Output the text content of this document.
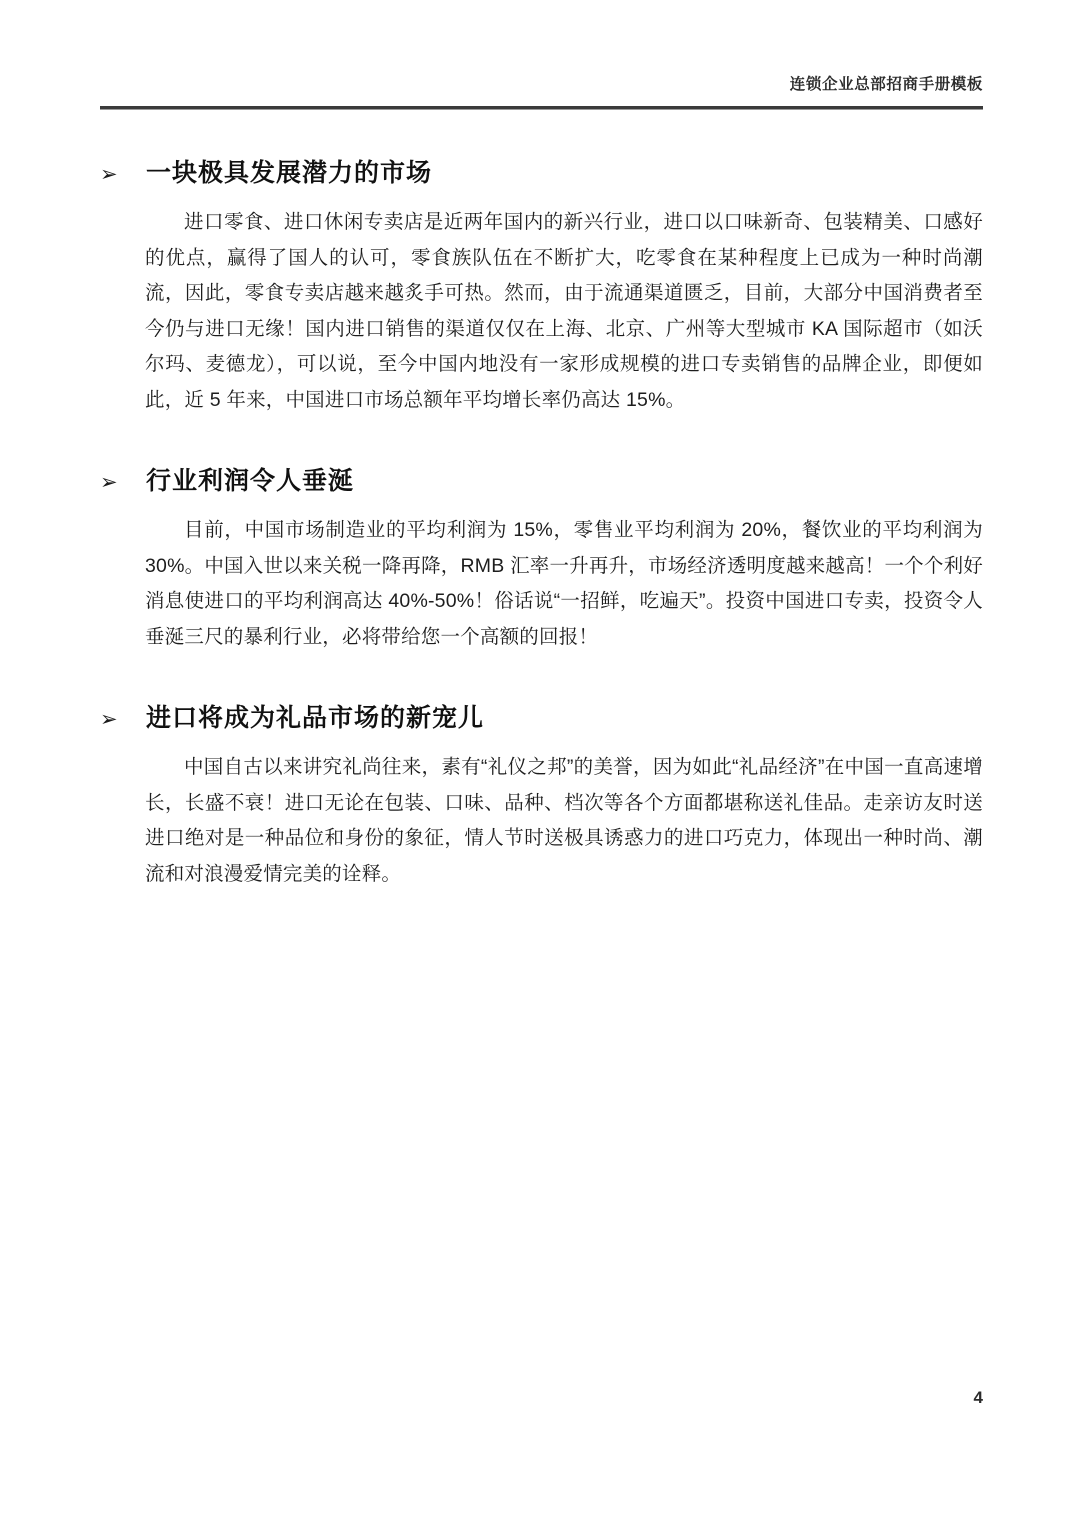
连锁企业总部招商手册模板
➢	一块极具发展潜力的市场

进口零食、进口休闲专卖店是近两年国内的新兴行业，进口以口味新奇、包装精美、口感好的优点，赢得了国人的认可，零食族队伍在不断扩大，吃零食在某种程度上已成为一种时尚潮流，因此，零食专卖店越来越炙手可热。然而，由于流通渠道匮乏，目前，大部分中国消费者至今仍与进口无缘！国内进口销售的渠道仅仅在上海、北京、广州等大型城市 KA 国际超市（如沃尔玛、麦德龙），可以说，至今中国内地没有一家形成规模的进口专卖销售的品牌企业，即便如此，近 5 年来，中国进口市场总额年平均增长率仍高达 15%。

➢	行业利润令人垂涎

目前，中国市场制造业的平均利润为 15%，零售业平均利润为 20%，餐饮业的平均利润为 30%。中国入世以来关税一降再降，RMB 汇率一升再升，市场经济透明度越来越高！一个个利好消息使进口的平均利润高达 40%-50%！俗话说“一招鲜，吃遍天”。投资中国进口专卖，投资令人垂涎三尺的暴利行业，必将带给您一个高额的回报！

➢	进口将成为礼品市场的新宠儿

中国自古以来讲究礼尚往来，素有“礼仪之邦”的美誉，因为如此“礼品经济”在中国一直高速增长，长盛不衰！进口无论在包装、口味、品种、档次等各个方面都堪称送礼佳品。走亲访友时送进口绝对是一种品位和身份的象征，情人节时送极具诱惑力的进口巧克力，体现出一种时尚、潮流和对浪漫爱情完美的诠释。

4
